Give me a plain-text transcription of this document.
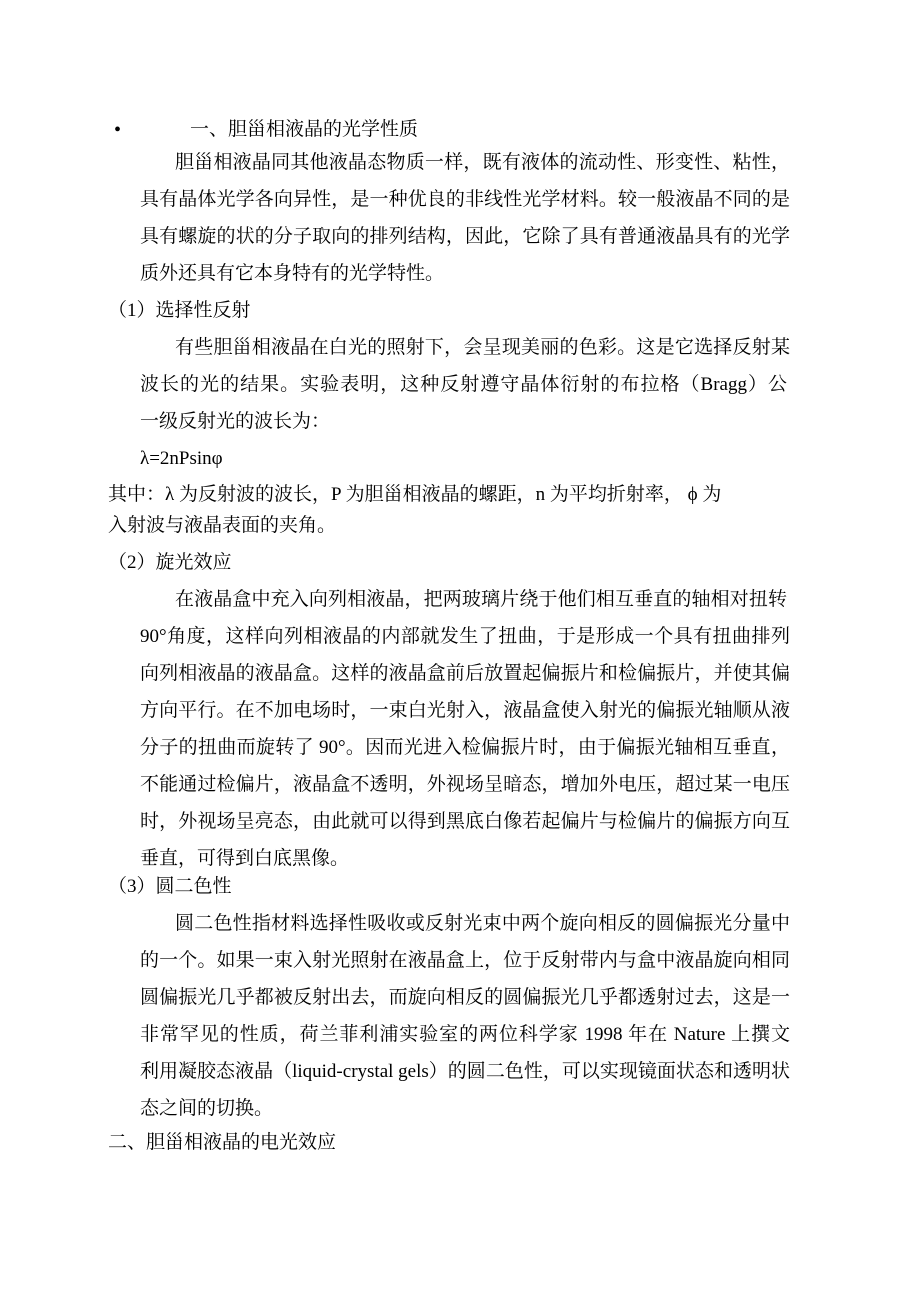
•	一、胆甾相液晶的光学性质
胆甾相液晶同其他液晶态物质一样，既有液体的流动性、形变性、粘性，
具有晶体光学各向异性，是一种优良的非线性光学材料。较一般液晶不同的是
具有螺旋的状的分子取向的排列结构，因此，它除了具有普通液晶具有的光学
质外还具有它本身特有的光学特性。
（1）选择性反射
有些胆甾相液晶在白光的照射下，会呈现美丽的色彩。这是它选择反射某
波长的光的结果。实验表明，这种反射遵守晶体衍射的布拉格（Bragg）公
一级反射光的波长为：
λ=2nPsinφ
其中：λ 为反射波的波长，P 为胆甾相液晶的螺距，n 为平均折射率， ϕ 为
入射波与液晶表面的夹角。
（2）旋光效应
在液晶盒中充入向列相液晶，把两玻璃片绕于他们相互垂直的轴相对扭转
90°角度，这样向列相液晶的内部就发生了扭曲，于是形成一个具有扭曲排列
向列相液晶的液晶盒。这样的液晶盒前后放置起偏振片和检偏振片，并使其偏
方向平行。在不加电场时，一束白光射入，液晶盒使入射光的偏振光轴顺从液
分子的扭曲而旋转了 90°。因而光进入检偏振片时，由于偏振光轴相互垂直，
不能通过检偏片，液晶盒不透明，外视场呈暗态，增加外电压，超过某一电压
时，外视场呈亮态，由此就可以得到黑底白像若起偏片与检偏片的偏振方向互
垂直，可得到白底黑像。
（3）圆二色性
圆二色性指材料选择性吸收或反射光束中两个旋向相反的圆偏振光分量中
的一个。如果一束入射光照射在液晶盒上，位于反射带内与盒中液晶旋向相同
圆偏振光几乎都被反射出去，而旋向相反的圆偏振光几乎都透射过去，这是一
非常罕见的性质，荷兰菲利浦实验室的两位科学家 1998 年在 Nature 上撰文
利用凝胶态液晶（liquid-crystal gels）的圆二色性，可以实现镜面状态和透明状
态之间的切换。
二、胆甾相液晶的电光效应
